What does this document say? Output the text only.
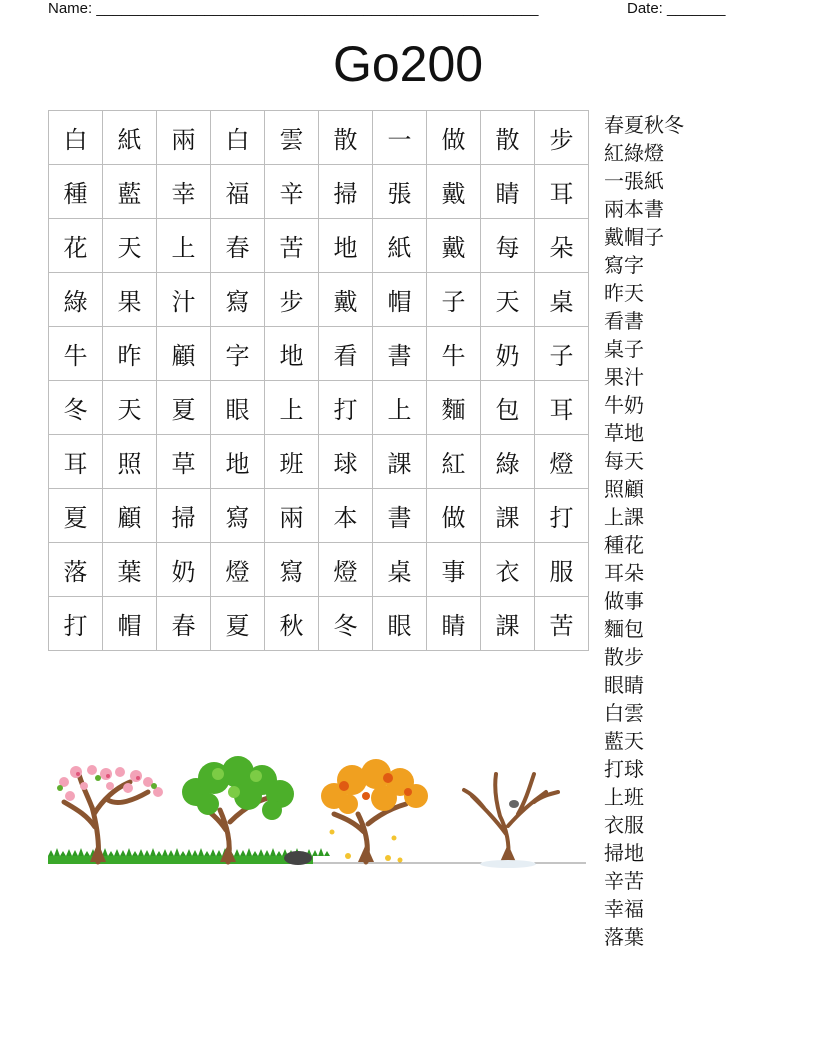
Name: _____________________________________________________	Date: _______
Go200
白	紙	兩	白	雲	散	一	做	散	步
種	藍	幸	福	辛	掃	張	戴	睛	耳
花	天	上	春	苦	地	紙	戴	每	朵
綠	果	汁	寫	步	戴	帽	子	天	桌
牛	昨	顧	字	地	看	書	牛	奶	子
冬	天	夏	眼	上	打	上	麵	包	耳
耳	照	草	地	班	球	課	紅	綠	燈
夏	顧	掃	寫	兩	本	書	做	課	打
落	葉	奶	燈	寫	燈	桌	事	衣	服
打	帽	春	夏	秋	冬	眼	睛	課	苦
春夏秋冬
紅綠燈
一張紙
兩本書
戴帽子
寫字
昨天
看書
桌子
果汁
牛奶
草地
每天
照顧
上課
種花
耳朵
做事
麵包
散步
眼睛
白雲
藍天
打球
上班
衣服
掃地
辛苦
幸福
落葉
